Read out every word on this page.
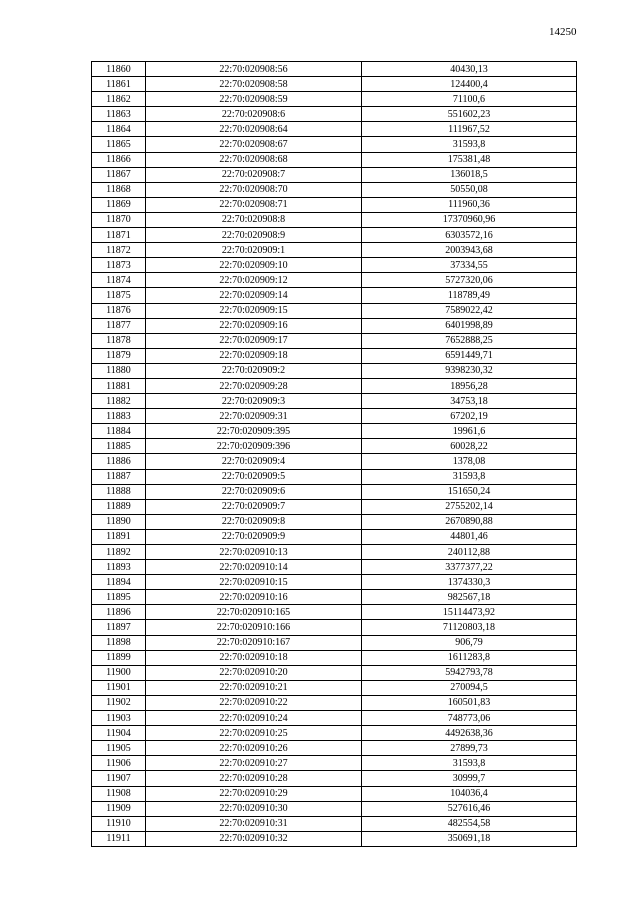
14250
11860	22:70:020908:56	40430,13
11861	22:70:020908:58	124400,4
11862	22:70:020908:59	71100,6
11863	22:70:020908:6	551602,23
11864	22:70:020908:64	111967,52
11865	22:70:020908:67	31593,8
11866	22:70:020908:68	175381,48
11867	22:70:020908:7	136018,5
11868	22:70:020908:70	50550,08
11869	22:70:020908:71	111960,36
11870	22:70:020908:8	17370960,96
11871	22:70:020908:9	6303572,16
11872	22:70:020909:1	2003943,68
11873	22:70:020909:10	37334,55
11874	22:70:020909:12	5727320,06
11875	22:70:020909:14	118789,49
11876	22:70:020909:15	7589022,42
11877	22:70:020909:16	6401998,89
11878	22:70:020909:17	7652888,25
11879	22:70:020909:18	6591449,71
11880	22:70:020909:2	9398230,32
11881	22:70:020909:28	18956,28
11882	22:70:020909:3	34753,18
11883	22:70:020909:31	67202,19
11884	22:70:020909:395	19961,6
11885	22:70:020909:396	60028,22
11886	22:70:020909:4	1378,08
11887	22:70:020909:5	31593,8
11888	22:70:020909:6	151650,24
11889	22:70:020909:7	2755202,14
11890	22:70:020909:8	2670890,88
11891	22:70:020909:9	44801,46
11892	22:70:020910:13	240112,88
11893	22:70:020910:14	3377377,22
11894	22:70:020910:15	1374330,3
11895	22:70:020910:16	982567,18
11896	22:70:020910:165	15114473,92
11897	22:70:020910:166	71120803,18
11898	22:70:020910:167	906,79
11899	22:70:020910:18	1611283,8
11900	22:70:020910:20	5942793,78
11901	22:70:020910:21	270094,5
11902	22:70:020910:22	160501,83
11903	22:70:020910:24	748773,06
11904	22:70:020910:25	4492638,36
11905	22:70:020910:26	27899,73
11906	22:70:020910:27	31593,8
11907	22:70:020910:28	30999,7
11908	22:70:020910:29	104036,4
11909	22:70:020910:30	527616,46
11910	22:70:020910:31	482554,58
11911	22:70:020910:32	350691,18
